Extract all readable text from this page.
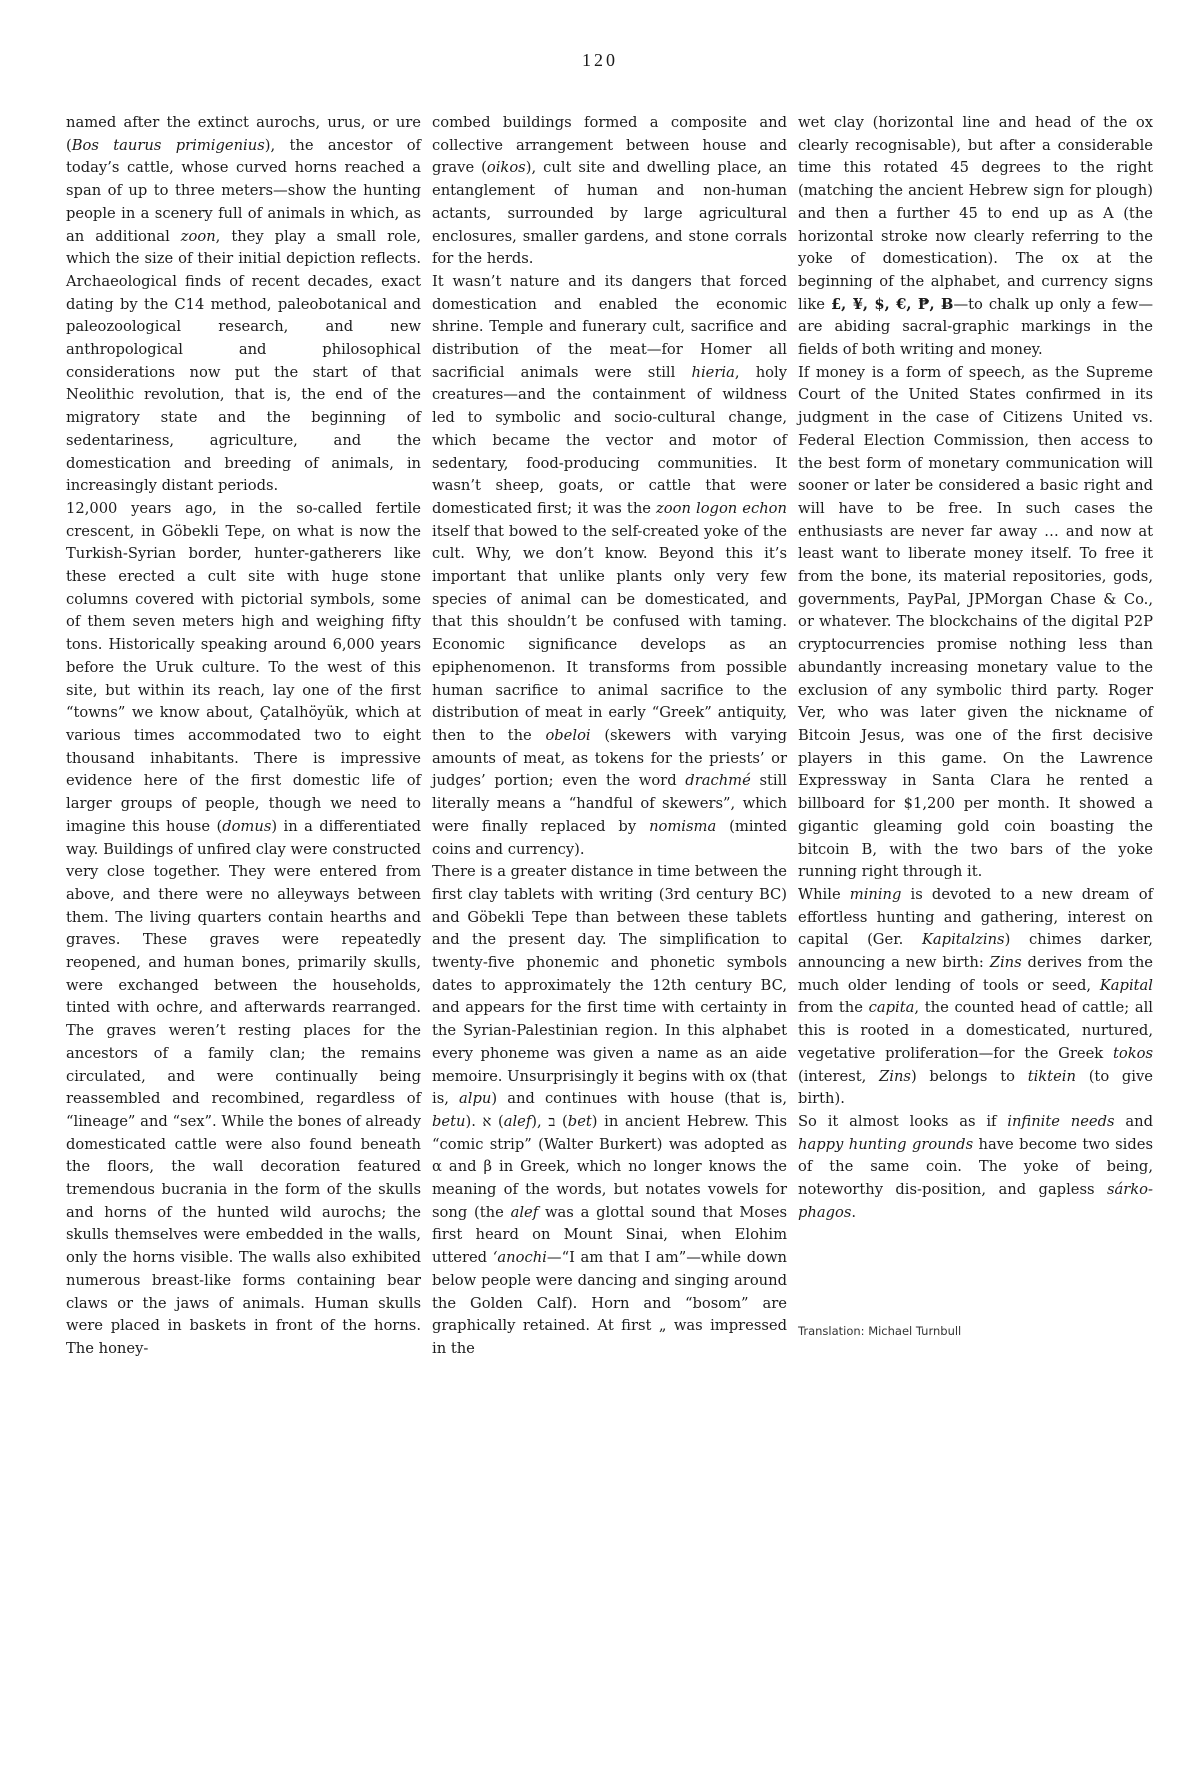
120

named after the extinct aurochs, urus, or ure (Bos taurus primigenius), the ancestor of today’s cattle, whose curved horns reached a span of up to three meters—show the hunting people in a scenery full of animals in which, as an additional zoon, they play a small role, which the size of their initial depiction reflects. Archaeological finds of recent decades, exact dating by the C14 method, paleobotanical and paleozoological research, and new anthropological and philosophical considerations now put the start of that Neolithic revolution, that is, the end of the migratory state and the beginning of sedentariness, agriculture, and the domestication and breeding of animals, in increasingly distant periods.

12,000 years ago, in the so-called fertile crescent, in Göbekli Tepe, on what is now the Turkish-Syrian border, hunter-gatherers like these erected a cult site with huge stone columns covered with pictorial symbols, some of them seven meters high and weighing fifty tons. Historically speaking around 6,000 years before the Uruk culture. To the west of this site, but within its reach, lay one of the first “towns” we know about, Çatalhöyük, which at various times accommodated two to eight thousand inhabitants. There is impressive evidence here of the first domestic life of larger groups of people, though we need to imagine this house (domus) in a differentiated way. Buildings of unfired clay were constructed very close together. They were entered from above, and there were no alleyways between them. The living quarters contain hearths and graves. These graves were repeatedly reopened, and human bones, primarily skulls, were exchanged between the households, tinted with ochre, and afterwards rearranged. The graves weren’t resting places for the ancestors of a family clan; the remains circulated, and were continually being reassembled and recombined, regardless of “lineage” and “sex”. While the bones of already domesticated cattle were also found beneath the floors, the wall decoration featured tremendous bucrania in the form of the skulls and horns of the hunted wild aurochs; the skulls themselves were embedded in the walls, only the horns visible. The walls also exhibited numerous breast-like forms containing bear claws or the jaws of animals. Human skulls were placed in baskets in front of the horns. The honey-

combed buildings formed a composite and collective arrangement between house and grave (oikos), cult site and dwelling place, an entanglement of human and non-human actants, surrounded by large agricultural enclosures, smaller gardens, and stone corrals for the herds.

It wasn’t nature and its dangers that forced domestication and enabled the economic shrine. Temple and funerary cult, sacrifice and distribution of the meat—for Homer all sacrificial animals were still hieria, holy creatures—and the containment of wildness led to symbolic and socio-cultural change, which became the vector and motor of sedentary, food-producing communities. It wasn’t sheep, goats, or cattle that were domesticated first; it was the zoon logon echon itself that bowed to the self-created yoke of the cult. Why, we don’t know. Beyond this it’s important that unlike plants only very few species of animal can be domesticated, and that this shouldn’t be confused with taming. Economic significance develops as an epiphenomenon. It transforms from possible human sacrifice to animal sacrifice to the distribution of meat in early “Greek” antiquity, then to the obeloi (skewers with varying amounts of meat, as tokens for the priests’ or judges’ portion; even the word drachmé still literally means a “handful of skewers”, which were finally replaced by nomisma (minted coins and currency).

There is a greater distance in time between the first clay tablets with writing (3rd century BC) and Göbekli Tepe than between these tablets and the present day. The simplification to twenty-five phonemic and phonetic symbols dates to approximately the 12th century BC, and appears for the first time with certainty in the Syrian-Palestinian region. In this alphabet every phoneme was given a name as an aide memoire. Unsurprisingly it begins with ox (that is, alpu) and continues with house (that is, betu). א (alef), ב (bet) in ancient Hebrew. This “comic strip” (Walter Burkert) was adopted as α and β in Greek, which no longer knows the meaning of the words, but notates vowels for song (the alef was a glottal sound that Moses first heard on Mount Sinai, when Elohim uttered ‘anochi—“I am that I am”—while down below people were dancing and singing around the Golden Calf). Horn and “bosom” are graphically retained. At first „ was impressed in the

wet clay (horizontal line and head of the ox clearly recognisable), but after a considerable time this rotated 45 degrees to the right (matching the ancient Hebrew sign for plough) and then a further 45 to end up as A (the horizontal stroke now clearly referring to the yoke of domestication). The ox at the beginning of the alphabet, and currency signs like £, ¥, $, €, ₱, Ƀ—to chalk up only a few—are abiding sacral-graphic markings in the fields of both writing and money.

If money is a form of speech, as the Supreme Court of the United States confirmed in its judgment in the case of Citizens United vs. Federal Election Commission, then access to the best form of monetary communication will sooner or later be considered a basic right and will have to be free. In such cases the enthusiasts are never far away … and now at least want to liberate money itself. To free it from the bone, its material repositories, gods, governments, PayPal, JPMorgan Chase & Co., or whatever. The blockchains of the digital P2P cryptocurrencies promise nothing less than abundantly increasing monetary value to the exclusion of any symbolic third party. Roger Ver, who was later given the nickname of Bitcoin Jesus, was one of the first decisive players in this game. On the Lawrence Expressway in Santa Clara he rented a billboard for $1,200 per month. It showed a gigantic gleaming gold coin boasting the bitcoin B, with the two bars of the yoke running right through it.

While mining is devoted to a new dream of effortless hunting and gathering, interest on capital (Ger. Kapitalzins) chimes darker, announcing a new birth: Zins derives from the much older lending of tools or seed, Kapital from the capita, the counted head of cattle; all this is rooted in a domesticated, nurtured, vegetative proliferation—for the Greek tokos (interest, Zins) belongs to tiktein (to give birth).

So it almost looks as if infinite needs and happy hunting grounds have become two sides of the same coin. The yoke of being, noteworthy dis-position, and gapless sárko-phagos.

Translation: Michael Turnbull
